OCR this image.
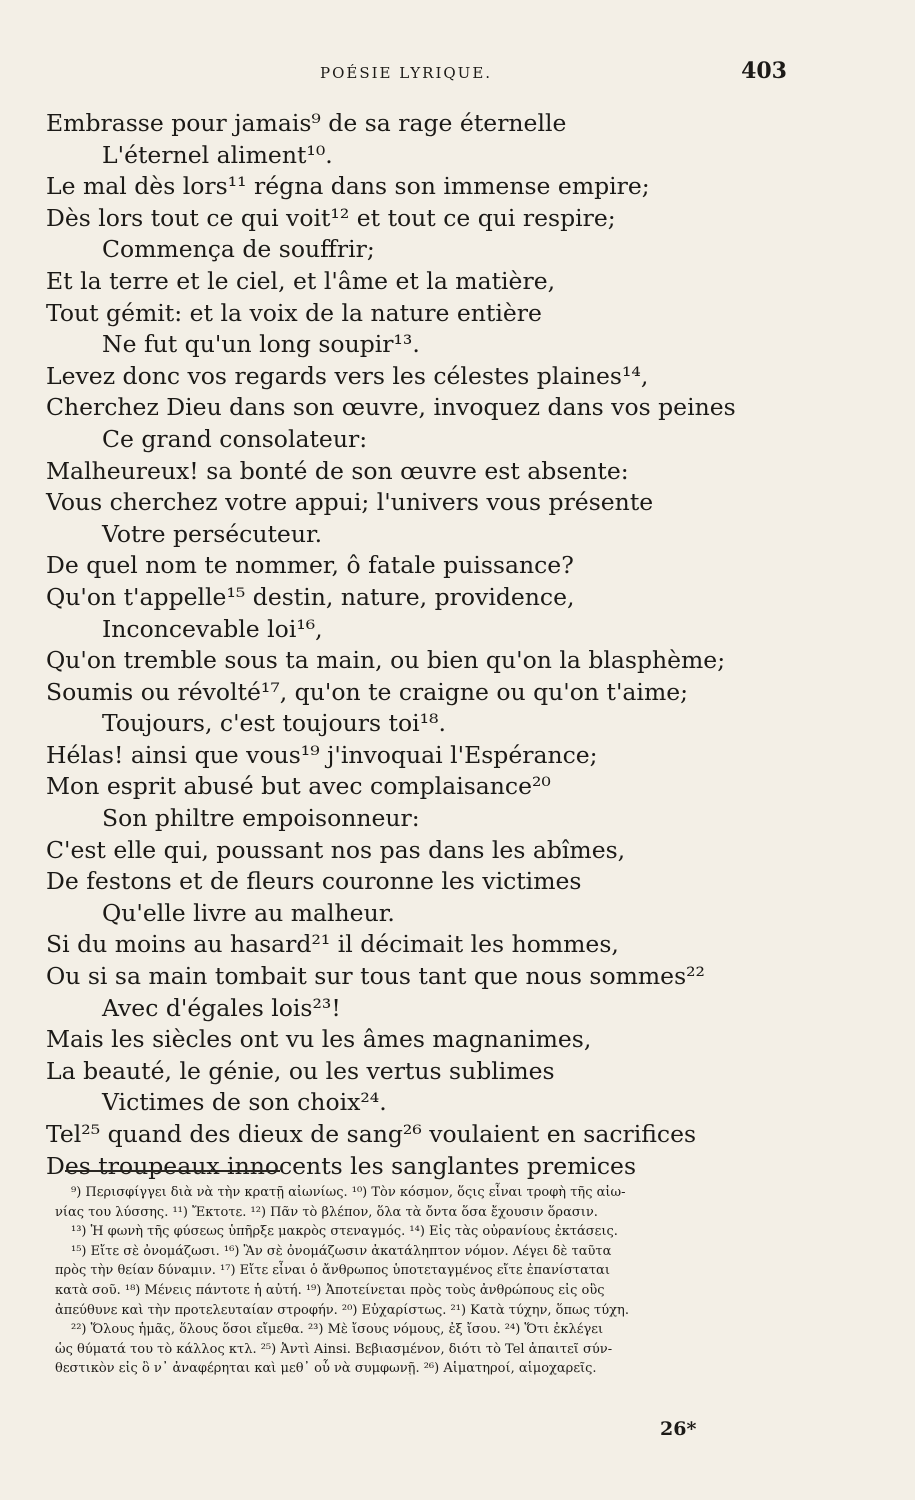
POÉSIE LYRIQUE.	403
Embrasse pour jamais⁹ de sa rage éternelle
L'éternel aliment¹⁰.
Le mal dès lors¹¹ régna dans son immense empire;
Dès lors tout ce qui voit¹² et tout ce qui respire;
Commença de souffrir;
Et la terre et le ciel, et l'âme et la matière,
Tout gémit: et la voix de la nature entière
Ne fut qu'un long soupir¹³.
Levez donc vos regards vers les célestes plaines¹⁴,
Cherchez Dieu dans son œuvre, invoquez dans vos peines
Ce grand consolateur:
Malheureux! sa bonté de son œuvre est absente:
Vous cherchez votre appui; l'univers vous présente
Votre persécuteur.
De quel nom te nommer, ô fatale puissance?
Qu'on t'appelle¹⁵ destin, nature, providence,
Inconcevable loi¹⁶,
Qu'on tremble sous ta main, ou bien qu'on la blasphème;
Soumis ou révolté¹⁷, qu'on te craigne ou qu'on t'aime;
Toujours, c'est toujours toi¹⁸.
Hélas! ainsi que vous¹⁹ j'invoquai l'Espérance;
Mon esprit abusé but avec complaisance²⁰
Son philtre empoisonneur:
C'est elle qui, poussant nos pas dans les abîmes,
De festons et de fleurs couronne les victimes
Qu'elle livre au malheur.
Si du moins au hasard²¹ il décimait les hommes,
Ou si sa main tombait sur tous tant que nous sommes²²
Avec d'égales lois²³!
Mais les siècles ont vu les âmes magnanimes,
La beauté, le génie, ou les vertus sublimes
Victimes de son choix²⁴.
Tel²⁵ quand des dieux de sang²⁶ voulaient en sacrifices
Des troupeaux innocents les sanglantes premices
⁹) Περισφίγγει διὰ νὰ τὴν κρατῇ αἰωνίως. ¹⁰) Τὸν κόσμον, ὅςις εἶναι τροφὴ τῆς αἰω-
νίας του λύσσης. ¹¹) Ἔκτοτε. ¹²) Πᾶν τὸ βλέπον, ὅλα τὰ ὄντα ὅσα ἔχουσιν ὅρασιν.
¹³) Ἡ φωνὴ τῆς φύσεως ὑπῆρξε μακρὸς στεναγμός. ¹⁴) Εἰς τὰς οὐρανίους ἐκτάσεις.
¹⁵) Εἴτε σὲ ὀνομάζωσι. ¹⁶) Ἂν σὲ ὀνομάζωσιν ἀκατάληπτον νόμον. Λέγει δὲ ταῦτα
πρὸς τὴν θείαν δύναμιν. ¹⁷) Εἴτε εἶναι ὁ ἄνθρωπος ὑποτεταγμένος εἴτε ἐπανίσταται
κατὰ σοῦ. ¹⁸) Μένεις πάντοτε ἡ αὐτή. ¹⁹) Ἀποτείνεται πρὸς τοὺς ἀνθρώπους εἰς οὓς
ἀπεύθυνε καὶ τὴν προτελευταίαν στροφήν. ²⁰) Εὐχαρίστως. ²¹) Κατὰ τύχην, ὅπως τύχη.
²²) Ὅλους ἡμᾶς, ὅλους ὅσοι εἴμεθα. ²³) Μὲ ἴσους νόμους, ἐξ ἴσου. ²⁴) Ὅτι ἐκλέγει
ὡς θύματά του τὸ κάλλος κτλ. ²⁵) Ἀντὶ Ainsi. Βεβιασμένον, διότι τὸ Tel ἀπαιτεῖ σύν-
θεστικὸν εἰς ὃ ν᾽ ἀναφέρηται καὶ μεθ᾽ οὗ νὰ συμφωνῇ. ²⁶) Αἱματηροί, αἱμοχαρεῖς.
26*
